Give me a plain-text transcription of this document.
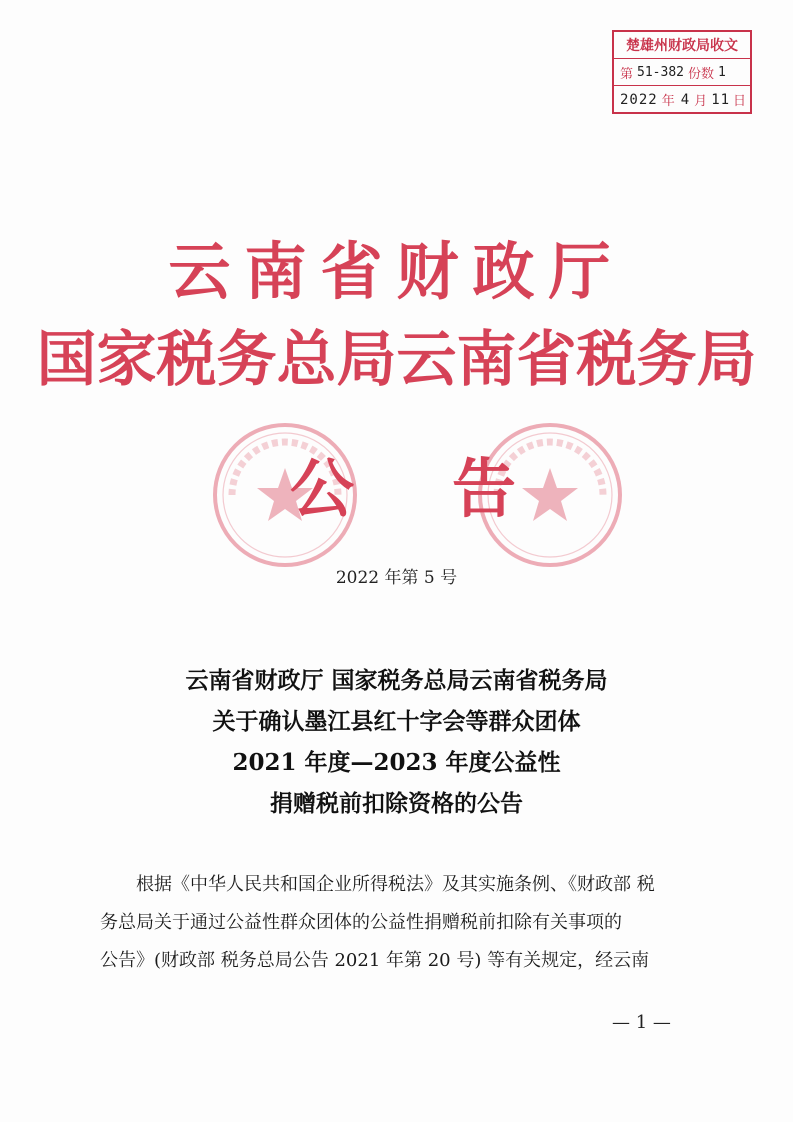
楚雄州财政局收文
第 51-382 份数 1
2022 年 4 月 11 日
云南省财政厅
国家税务总局云南省税务局
公 告
2022 年第 5 号
云南省财政厅 国家税务总局云南省税务局
关于确认墨江县红十字会等群众团体
2021 年度—2023 年度公益性
捐赠税前扣除资格的公告

根据《中华人民共和国企业所得税法》及其实施条例、《财政部 税

务总局关于通过公益性群众团体的公益性捐赠税前扣除有关事项的

公告》(财政部 税务总局公告 2021 年第 20 号) 等有关规定，经云南

— 1 —
